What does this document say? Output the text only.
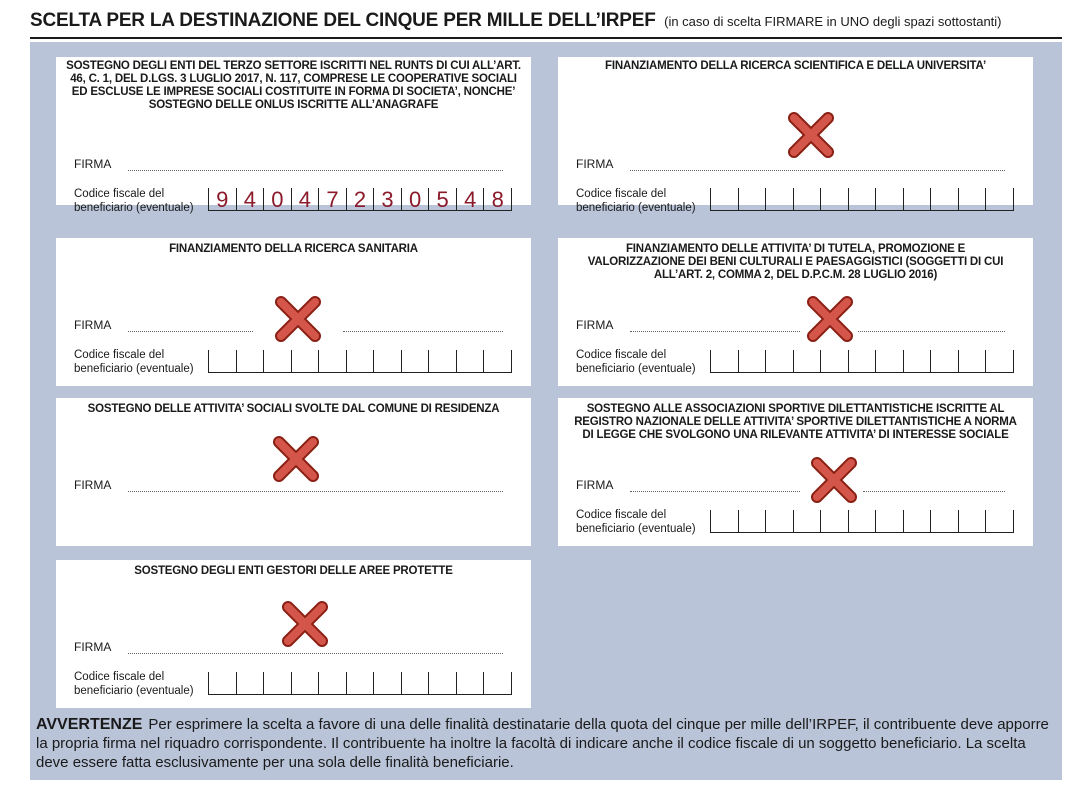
SCELTA PER LA DESTINAZIONE DEL CINQUE PER MILLE DELL’IRPEF (in caso di scelta FIRMARE in UNO degli spazi sottostanti)
SOSTEGNO DEGLI ENTI DEL TERZO SETTORE ISCRITTI NEL RUNTS DI CUI ALL’ART. 46, C. 1, DEL D.LGS. 3 LUGLIO 2017, N. 117, COMPRESE LE COOPERATIVE SOCIALI ED ESCLUSE LE IMPRESE SOCIALI COSTITUITE IN FORMA DI SOCIETA’, NONCHE’ SOSTEGNO DELLE ONLUS ISCRITTE ALL’ANAGRAFE
FIRMA
Codice fiscale del
beneficiario (eventuale)	9 4 0 4 7 2 3 0 5 4 8
FINANZIAMENTO DELLA RICERCA SCIENTIFICA E DELLA UNIVERSITA’
FIRMA
Codice fiscale del
beneficiario (eventuale)
FINANZIAMENTO DELLA RICERCA SANITARIA
FIRMA
Codice fiscale del
beneficiario (eventuale)
FINANZIAMENTO DELLE ATTIVITA’ DI TUTELA, PROMOZIONE E VALORIZZAZIONE DEI BENI CULTURALI E PAESAGGISTICI (SOGGETTI DI CUI ALL’ART. 2, COMMA 2, DEL D.P.C.M. 28 LUGLIO 2016)
FIRMA
Codice fiscale del
beneficiario (eventuale)
SOSTEGNO DELLE ATTIVITA’ SOCIALI SVOLTE DAL COMUNE DI RESIDENZA
FIRMA
SOSTEGNO ALLE ASSOCIAZIONI SPORTIVE DILETTANTISTICHE ISCRITTE AL REGISTRO NAZIONALE DELLE ATTIVITA’ SPORTIVE DILETTANTISTICHE A NORMA DI LEGGE CHE SVOLGONO UNA RILEVANTE ATTIVITA’ DI INTERESSE SOCIALE
FIRMA
Codice fiscale del
beneficiario (eventuale)
SOSTEGNO DEGLI ENTI GESTORI DELLE AREE PROTETTE
FIRMA
Codice fiscale del
beneficiario (eventuale)
AVVERTENZE Per esprimere la scelta a favore di una delle finalità destinatarie della quota del cinque per mille dell’IRPEF, il contribuente deve apporre la propria firma nel riquadro corrispondente. Il contribuente ha inoltre la facoltà di indicare anche il codice fiscale di un soggetto beneficiario. La scelta deve essere fatta esclusivamente per una sola delle finalità beneficiarie.
